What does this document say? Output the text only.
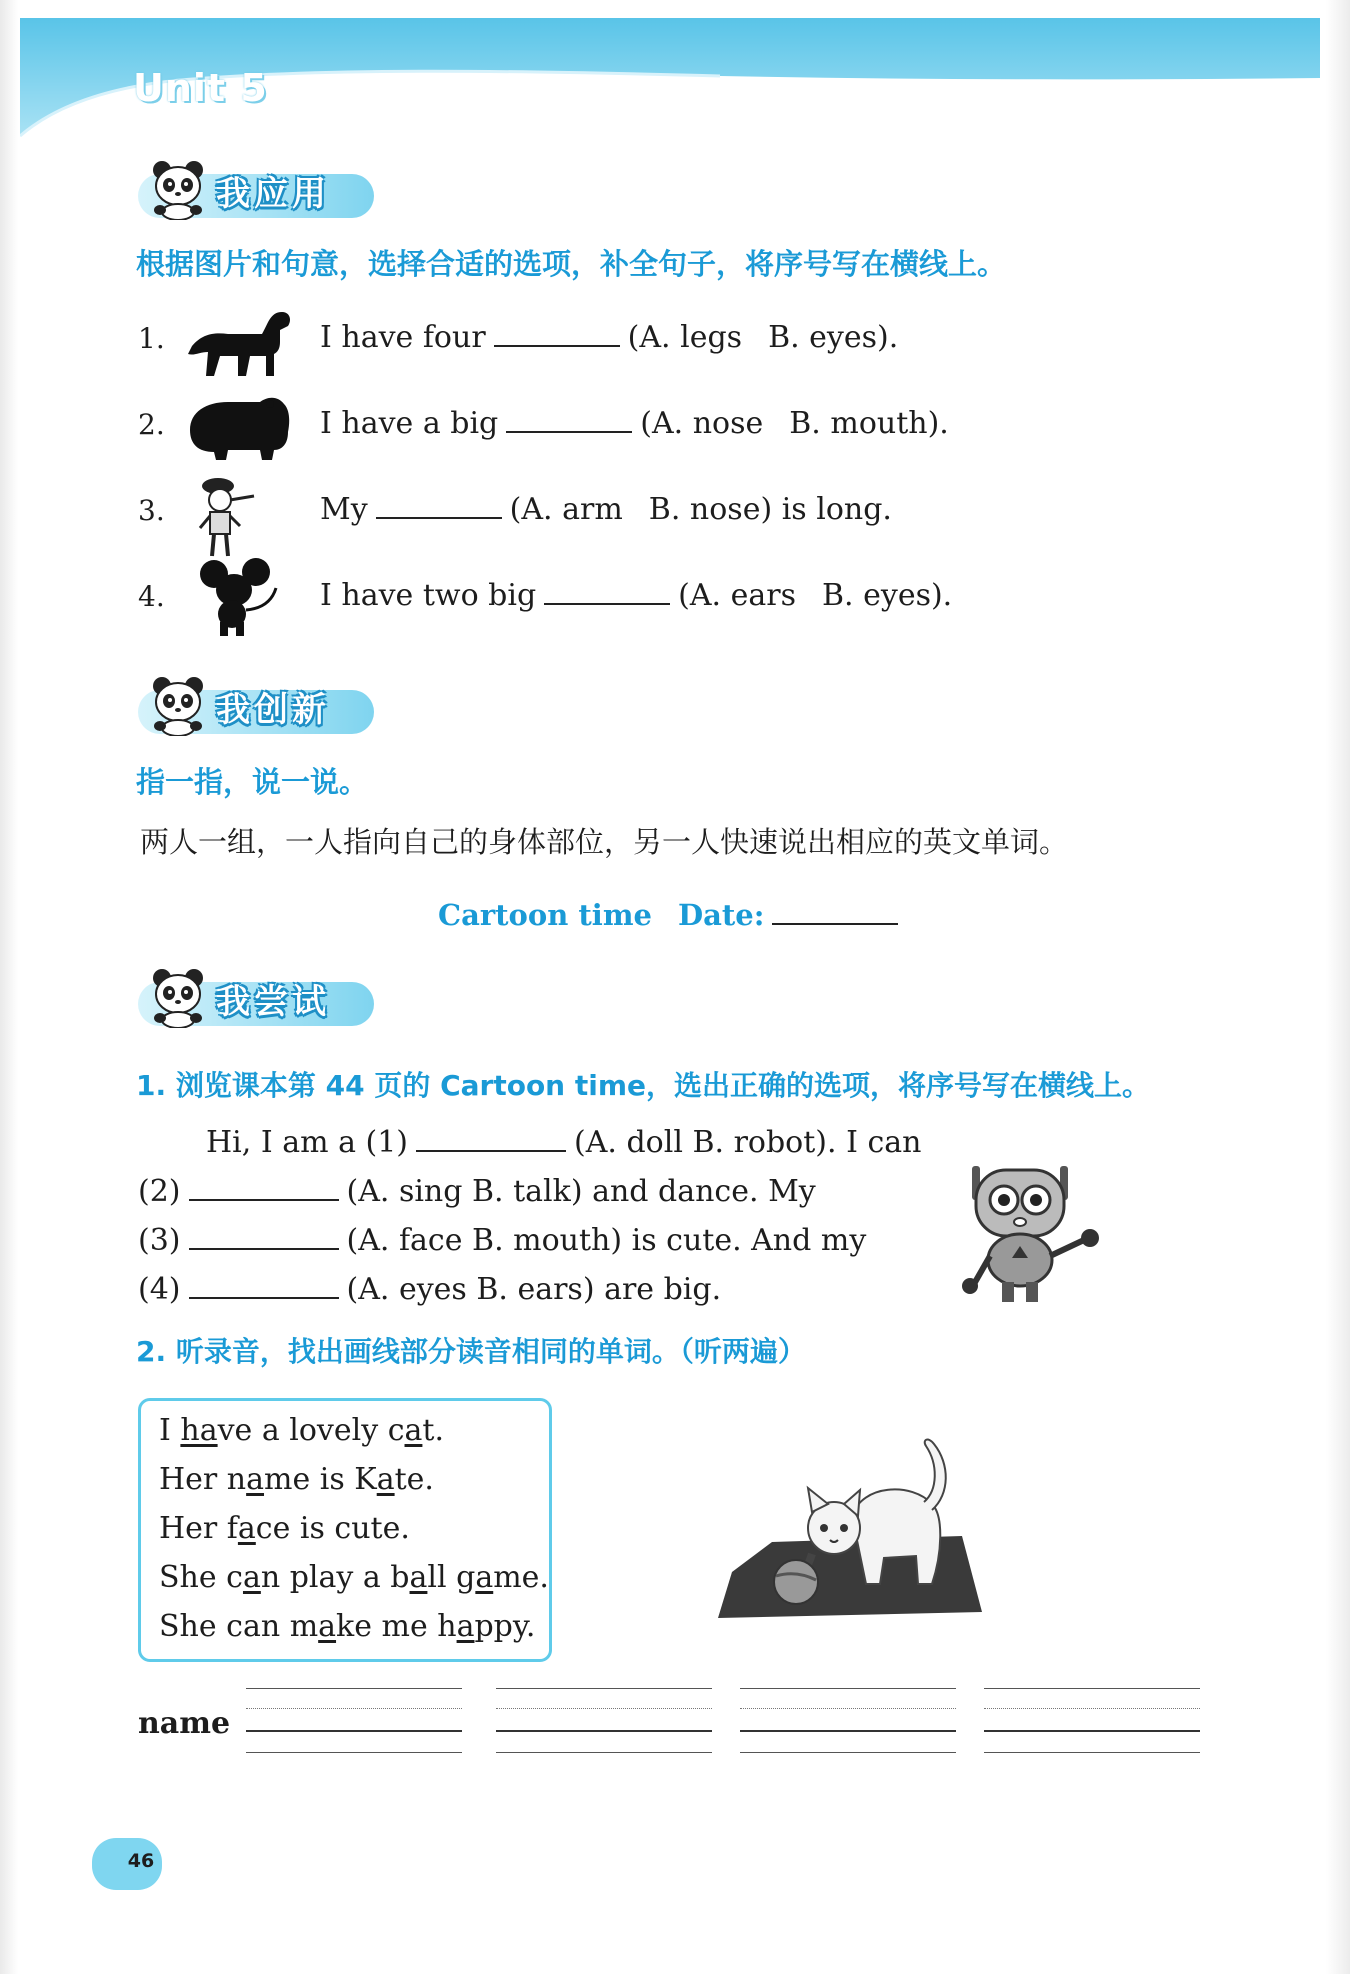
Unit 5
我应用

根据图片和句意，选择合适的选项，补全句子，将序号写在横线上。

1.	I have four	(A. legs B. eyes).
2.	I have a big	(A. nose B. mouth).
3.	My	(A. arm B. nose) is long.
4.	I have two big	(A. ears B. eyes).
我创新

指一指，说一说。

两人一组，一人指向自己的身体部位，另一人快速说出相应的英文单词。

Cartoon time Date:
我尝试

1. 浏览课本第 44 页的 Cartoon time，选出正确的选项，将序号写在横线上。

Hi, I am a (1)	(A. doll B. robot). I can
(2)	(A. sing B. talk) and dance. My
(3)	(A. face B. mouth) is cute. And my
(4)	(A. eyes B. ears) are big.

2. 听录音，找出画线部分读音相同的单词。（听两遍）

I have a lovely cat.
Her name is Kate.
Her face is cute.
She can play a ball game.
She can make me happy.
name
46
